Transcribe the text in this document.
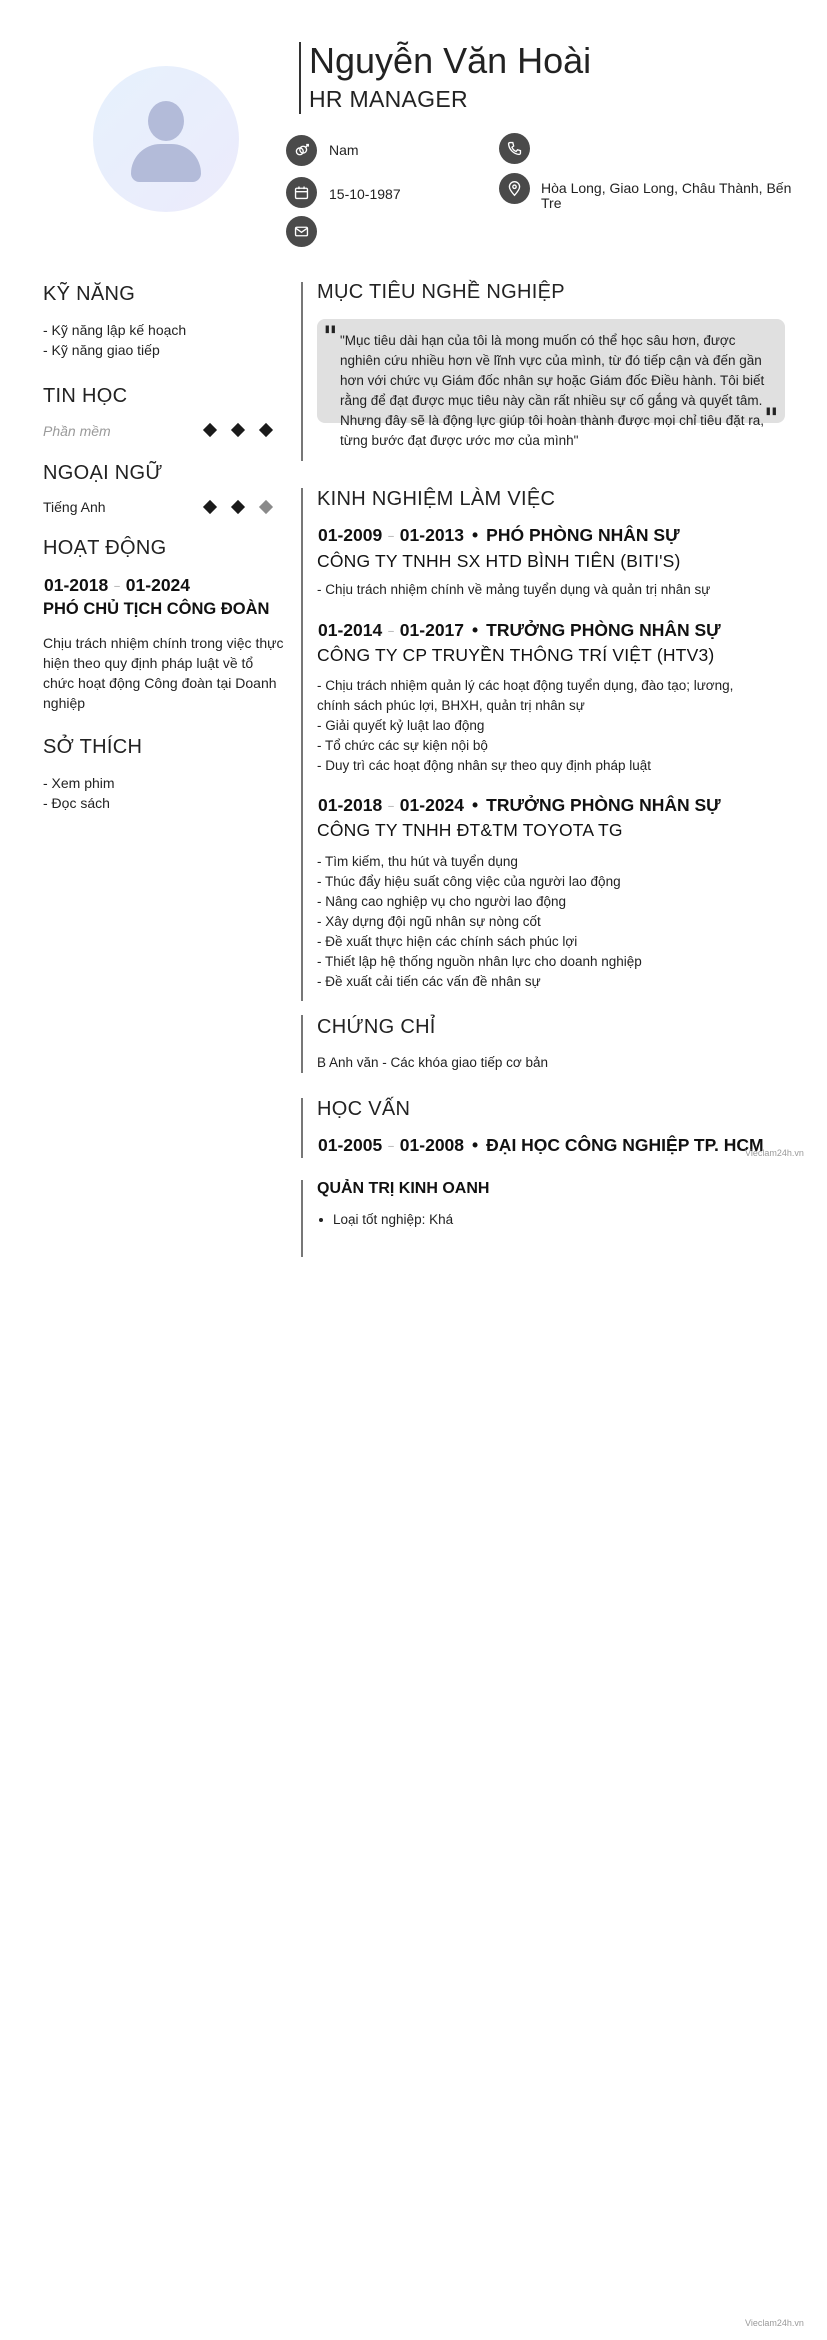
Nguyễn Văn Hoài
HR MANAGER
Nam
15-10-1987	Hòa Long, Giao Long, Châu Thành, Bến Tre
KỸ NĂNG
- Kỹ năng lập kế hoạch
- Kỹ năng giao tiếp
TIN HỌC
Phần mềm
NGOẠI NGỮ
Tiếng Anh
HOẠT ĐỘNG
01-2018 – 01-2024
PHÓ CHỦ TỊCH CÔNG ĐOÀN
Chịu trách nhiệm chính trong việc thực hiện theo quy định pháp luật về tổ chức hoạt động Công đoàn tại Doanh nghiệp
SỞ THÍCH
- Xem phim
- Đọc sách
MỤC TIÊU NGHỀ NGHIỆP
" "Mục tiêu dài hạn của tôi là mong muốn có thể học sâu hơn, được nghiên cứu nhiều hơn về lĩnh vực của mình, từ đó tiếp cận và đến gần hơn với chức vụ Giám đốc nhân sự hoặc Giám đốc Điều hành. Tôi biết rằng để đạt được mục tiêu này cần rất nhiều sự cố gắng và quyết tâm. Nhưng đây sẽ là động lực giúp tôi hoàn thành được mọi chỉ tiêu đặt ra, từng bước đạt được ước mơ của mình"
"
KINH NGHIỆM LÀM VIỆC
01-2009 – 01-2013 • PHÓ PHÒNG NHÂN SỰ
CÔNG TY TNHH SX HTD BÌNH TIÊN (BITI'S)
- Chịu trách nhiệm chính về mảng tuyển dụng và quản trị nhân sự
01-2014 – 01-2017 • TRƯỞNG PHÒNG NHÂN SỰ
CÔNG TY CP TRUYỀN THÔNG TRÍ VIỆT (HTV3)
- Chịu trách nhiệm quản lý các hoạt động tuyển dụng, đào tạo; lương,
chính sách phúc lợi, BHXH, quản trị nhân sự
- Giải quyết kỷ luật lao động
- Tổ chức các sự kiện nội bộ
- Duy trì các hoạt động nhân sự theo quy định pháp luật
01-2018 – 01-2024 • TRƯỞNG PHÒNG NHÂN SỰ
CÔNG TY TNHH ĐT&TM TOYOTA TG
- Tìm kiếm, thu hút và tuyển dụng
- Thúc đẩy hiệu suất công việc của người lao động
- Nâng cao nghiệp vụ cho người lao động
- Xây dựng đội ngũ nhân sự nòng cốt
- Đề xuất thực hiện các chính sách phúc lợi
- Thiết lập hệ thống nguồn nhân lực cho doanh nghiệp
- Đề xuất cải tiến các vấn đề nhân sự
CHỨNG CHỈ
B Anh văn - Các khóa giao tiếp cơ bản
HỌC VẤN
01-2005 – 01-2008 • ĐẠI HỌC CÔNG NGHIỆP TP. HCM
Vieclam24h.vn
QUẢN TRỊ KINH OANH
Loại tốt nghiệp: Khá
Vieclam24h.vn
